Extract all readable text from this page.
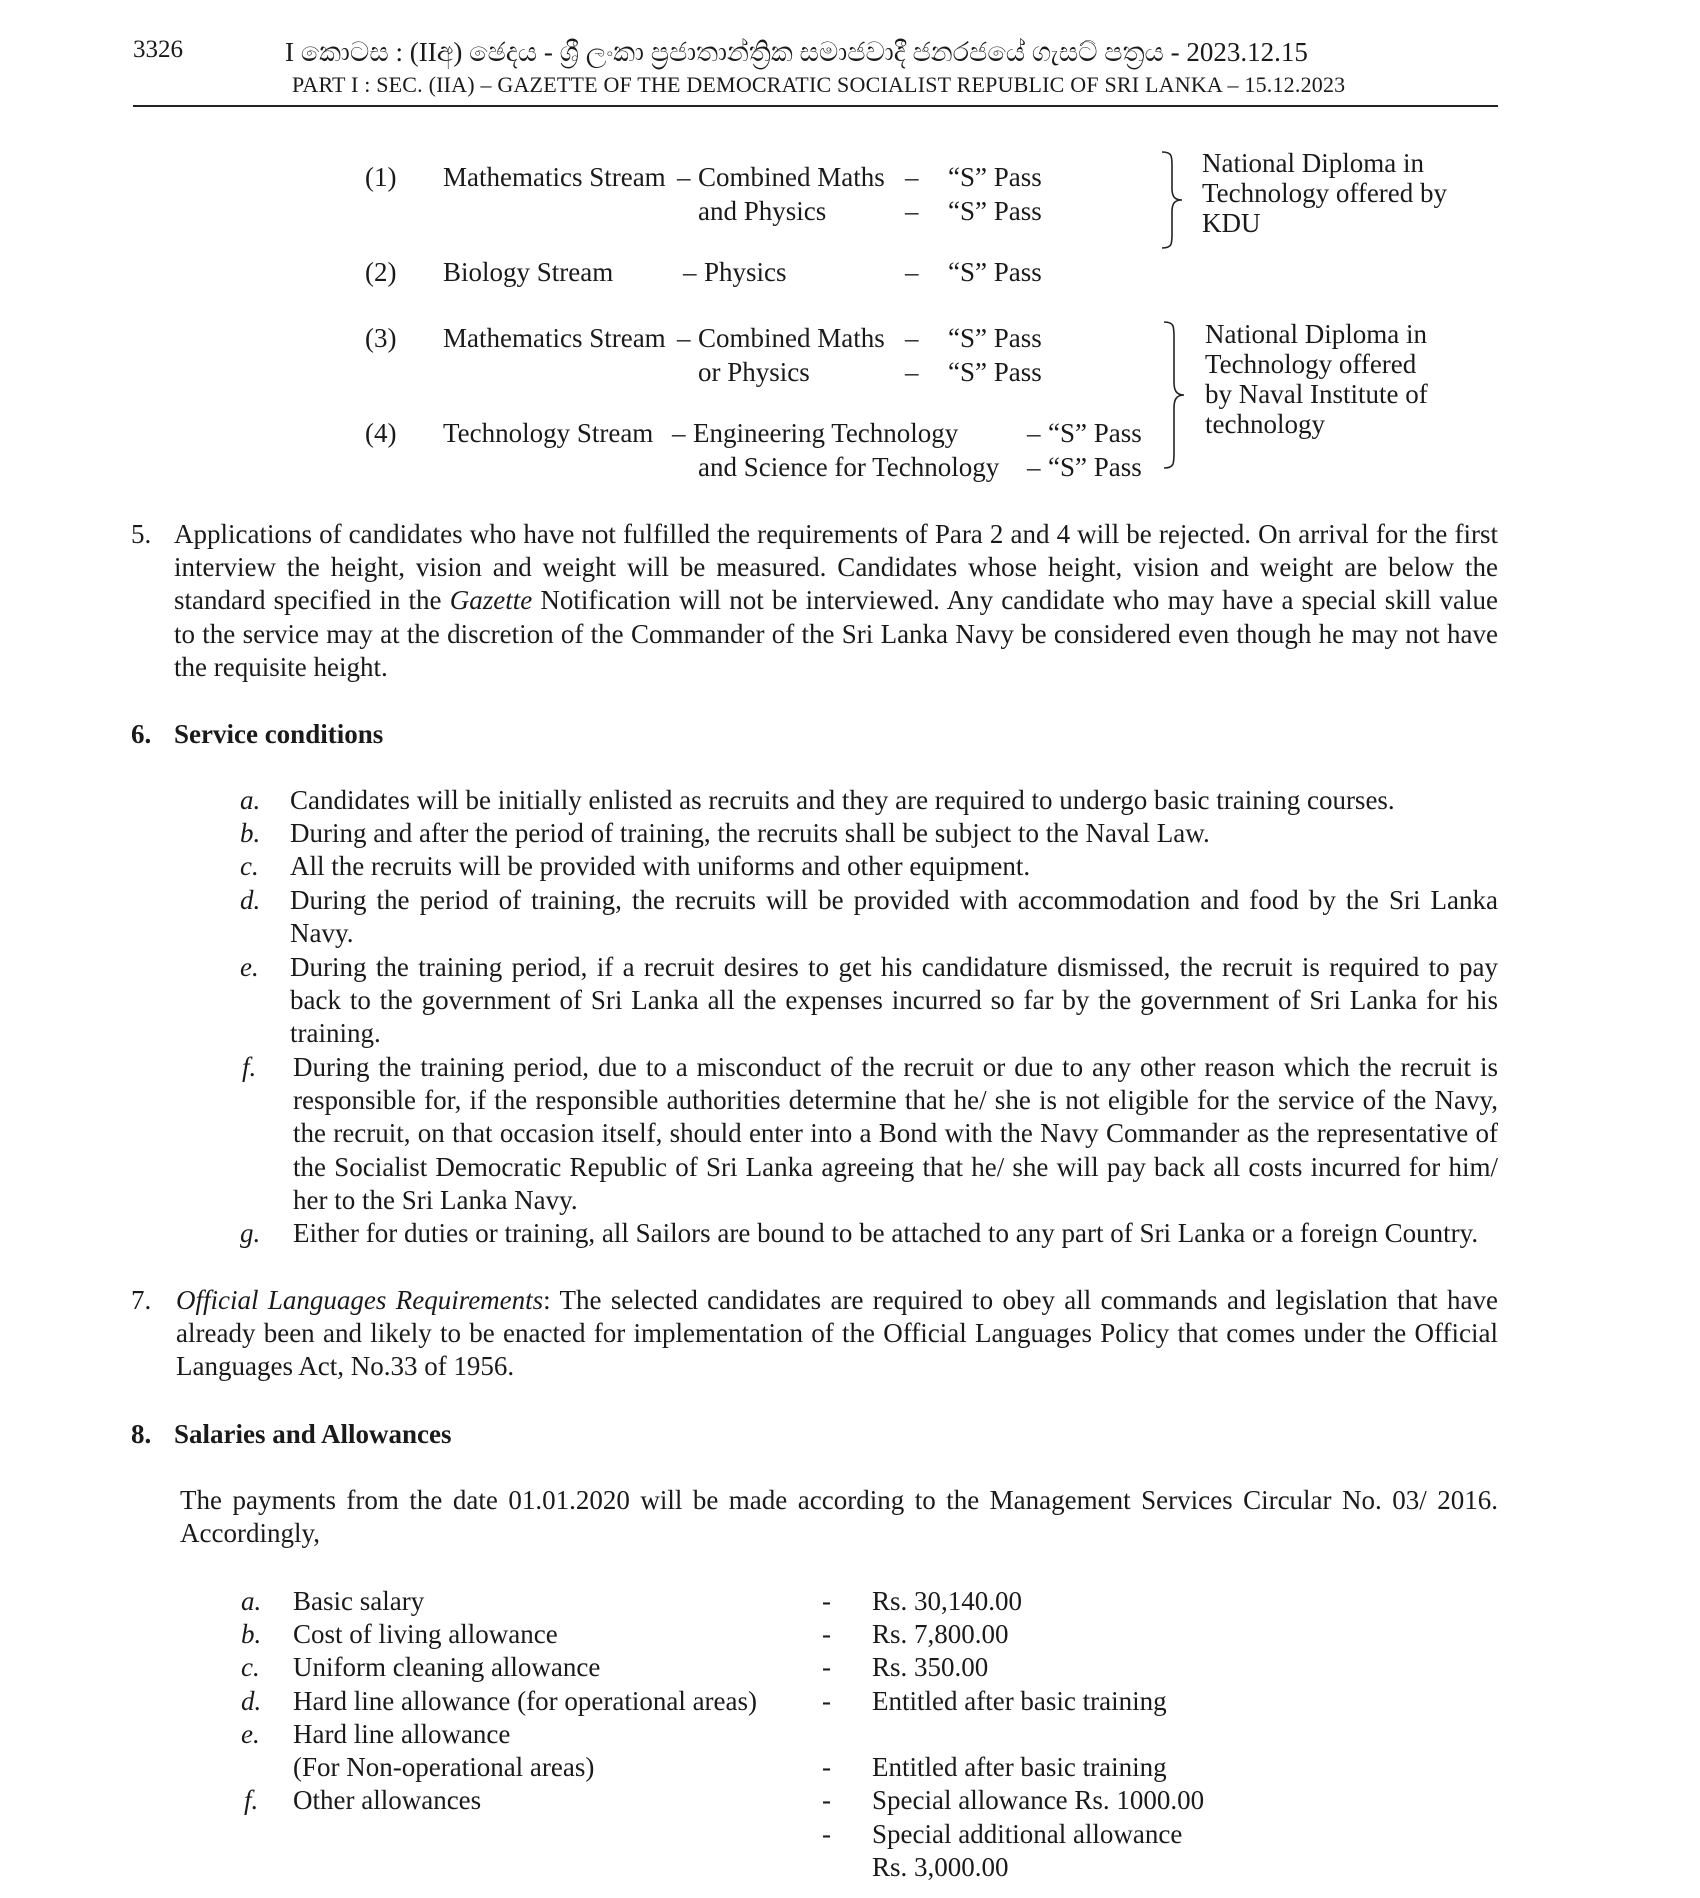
3326	I කොටස : (IIඅ) ඡෙදය - ශ්‍රී ලංකා ප්‍රජාතාන්ත්‍රික සමාජවාදී ජනරජයේ ගැසට් පත්‍රය - 2023.12.15
PART I : SEC. (IIA) – GAZETTE OF THE DEMOCRATIC SOCIALIST REPUBLIC OF SRI LANKA – 15.12.2023
(1) Mathematics Stream – Combined Maths – “S” Pass
and Physics	– “S” Pass
(2) Biology Stream	– Physics	– “S” Pass
(3) Mathematics Stream – Combined Maths – “S” Pass
or Physics	– “S” Pass
(4) Technology Stream – Engineering Technology	– “S” Pass
and Science for Technology – “S” Pass
National Diploma in
Technology offered by
KDU
National Diploma in
Technology offered
by Naval Institute of
technology
5. Applications of candidates who have not fulfilled the requirements of Para 2 and 4 will be rejected. On arrival for the first interview the height, vision and weight will be measured. Candidates whose height, vision and weight are below the standard specified in the Gazette Notification will not be interviewed. Any candidate who may have a special skill value to the service may at the discretion of the Commander of the Sri Lanka Navy be considered even though he may not have the requisite height.
6. Service conditions
a. Candidates will be initially enlisted as recruits and they are required to undergo basic training courses.
b. During and after the period of training, the recruits shall be subject to the Naval Law.
c. All the recruits will be provided with uniforms and other equipment.
d. During the period of training, the recruits will be provided with accommodation and food by the Sri Lanka Navy.
e. During the training period, if a recruit desires to get his candidature dismissed, the recruit is required to pay back to the government of Sri Lanka all the expenses incurred so far by the government of Sri Lanka for his training.
f. During the training period, due to a misconduct of the recruit or due to any other reason which the recruit is responsible for, if the responsible authorities determine that he/ she is not eligible for the service of the Navy, the recruit, on that occasion itself, should enter into a Bond with the Navy Commander as the representative of the Socialist Democratic Republic of Sri Lanka agreeing that he/ she will pay back all costs incurred for him/ her to the Sri Lanka Navy.
g. Either for duties or training, all Sailors are bound to be attached to any part of Sri Lanka or a foreign Country.
7. Official Languages Requirements: The selected candidates are required to obey all commands and legislation that have already been and likely to be enacted for implementation of the Official Languages Policy that comes under the Official Languages Act, No.33 of 1956.
8. Salaries and Allowances
The payments from the date 01.01.2020 will be made according to the Management Services Circular No. 03/ 2016. Accordingly,
a. Basic salary	- Rs. 30,140.00
b. Cost of living allowance	- Rs. 7,800.00
c. Uniform cleaning allowance	- Rs. 350.00
d. Hard line allowance (for operational areas) - Entitled after basic training
e. Hard line allowance
(For Non-operational areas)	- Entitled after basic training
f. Other allowances	- Special allowance Rs. 1000.00
- Special additional allowance
Rs. 3,000.00
